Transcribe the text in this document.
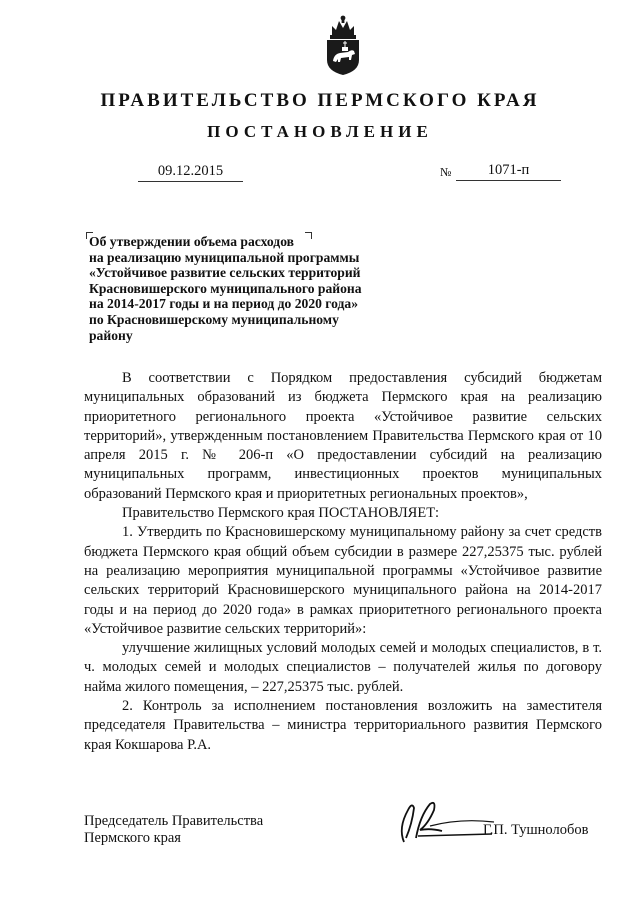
ПРАВИТЕЛЬСТВО ПЕРМСКОГО КРАЯ
ПОСТАНОВЛЕНИЕ
09.12.2015	№	1071-п
Об утверждении объема расходов
на реализацию муниципальной программы
«Устойчивое развитие сельских территорий
Красновишерского муниципального района
на 2014-2017 годы и на период до 2020 года»
по Красновишерскому муниципальному
району

В соответствии с Порядком предоставления субсидий бюджетам муниципальных образований из бюджета Пермского края на реализацию приоритетного регионального проекта «Устойчивое развитие сельских территорий», утвержденным постановлением Правительства Пермского края от 10 апреля 2015 г. № 206-п «О предоставлении субсидий на реализацию муниципальных программ, инвестиционных проектов муниципальных образований Пермского края и приоритетных региональных проектов»,

Правительство Пермского края ПОСТАНОВЛЯЕТ:

1. Утвердить по Красновишерскому муниципальному району за счет средств бюджета Пермского края общий объем субсидии в размере 227,25375 тыс. рублей на реализацию мероприятия муниципальной программы «Устойчивое развитие сельских территорий Красновишерского муниципального района на 2014-2017 годы и на период до 2020 года» в рамках приоритетного регионального проекта «Устойчивое развитие сельских территорий»:

улучшение жилищных условий молодых семей и молодых специалистов, в т. ч. молодых семей и молодых специалистов – получателей жилья по договору найма жилого помещения, – 227,25375 тыс. рублей.

2. Контроль за исполнением постановления возложить на заместителя председателя Правительства – министра территориального развития Пермского края Кокшарова Р.А.

Председатель Правительства
Пермского края	Г.П. Тушнолобов
